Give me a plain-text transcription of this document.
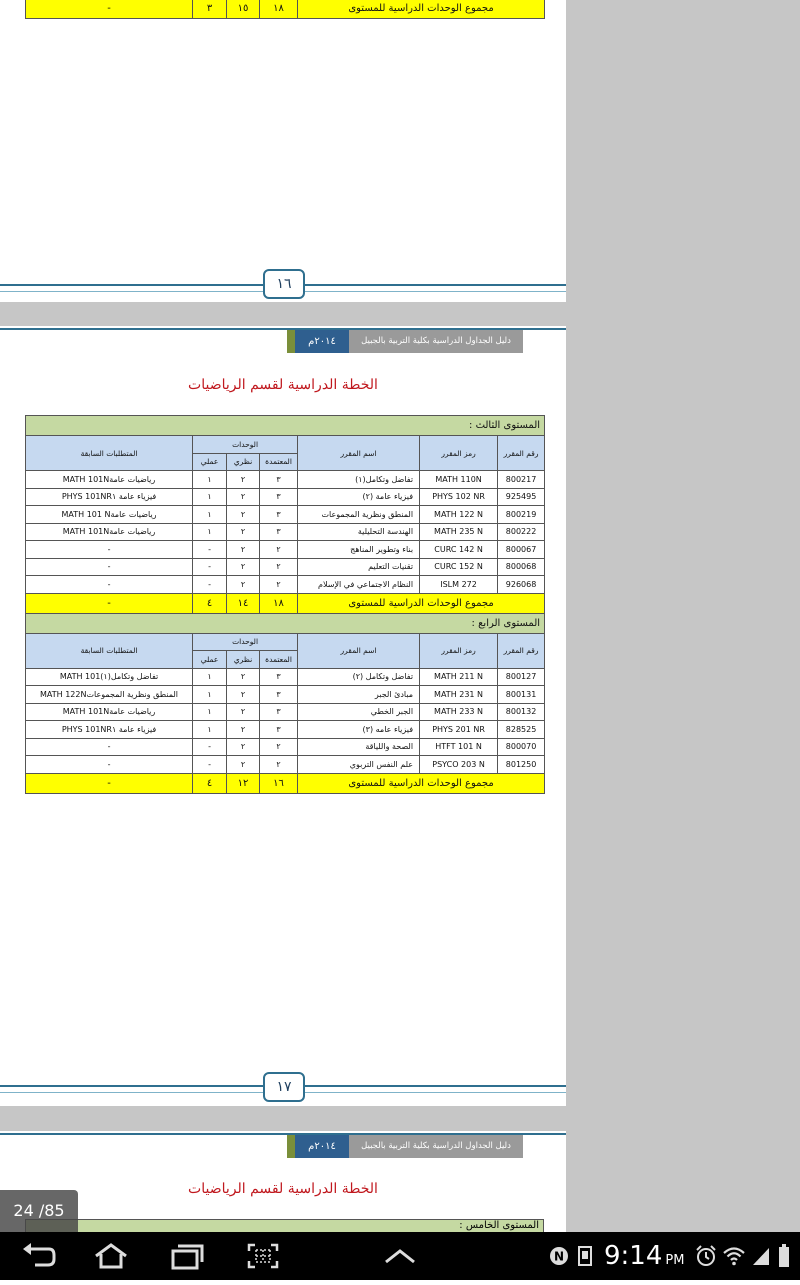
مجموع الوحدات الدراسية للمستوى	١٨	١٥	٣	-
١٦
٢٠١٤م	دليل الجداول الدراسية بكلية التربية بالجبيل
الخطة الدراسية لقسم الرياضيات
المستوى الثالث :						
رقم المقرر	رمز المقرر	اسم المقرر	الوحدات			المتطلبات السابقة
			المعتمدة	نظري	عملي	
800217	MATH 110N	تفاضل وتكامل(١)	٣	٢	١	رياضيات عامةMATH 101N
925495	PHYS 102 NR	فيزياء عامة (٢)	٣	٢	١	فيزياء عامة PHYS 101NR١
800219	MATH 122 N	المنطق ونظرية المجموعات	٣	٢	١	رياضيات عامةMATH 101 N
800222	MATH 235 N	الهندسة التحليلية	٣	٢	١	رياضيات عامةMATH 101N
800067	CURC 142 N	بناء وتطوير المناهج	٢	٢	-	-
800068	CURC 152 N	تقنيات التعليم	٢	٢	-	-
926068	ISLM 272	النظام الاجتماعي في الإسلام	٢	٢	-	-
مجموع الوحدات الدراسية للمستوى			١٨	١٤	٤	-
المستوى الرابع :						
رقم المقرر	رمز المقرر	اسم المقرر	الوحدات			المتطلبات السابقة
			المعتمدة	نظري	عملي	
800127	MATH 211 N	تفاضل وتكامل (٢)	٣	٢	١	تفاضل وتكامل(١)MATH 101
800131	MATH 231 N	مبادئ الجبر	٣	٢	١	المنطق ونظرية المجموعاتMATH 122N
800132	MATH 233 N	الجبر الخطي	٣	٢	١	رياضيات عامةMATH 101N
828525	PHYS 201 NR	فيزياء عامه (٣)	٣	٢	١	فيزياء عامة PHYS 101NR١
800070	HTFT 101 N	الصحة واللياقة	٢	٢	-	-
801250	PSYCO 203 N	علم النفس التربوي	٢	٢	-	-
مجموع الوحدات الدراسية للمستوى			١٦	١٢	٤	-
١٧
٢٠١٤م	دليل الجداول الدراسية بكلية التربية بالجبيل
الخطة الدراسية لقسم الرياضيات
المستوى الخامس :
24 /85
N 9:14 PM
